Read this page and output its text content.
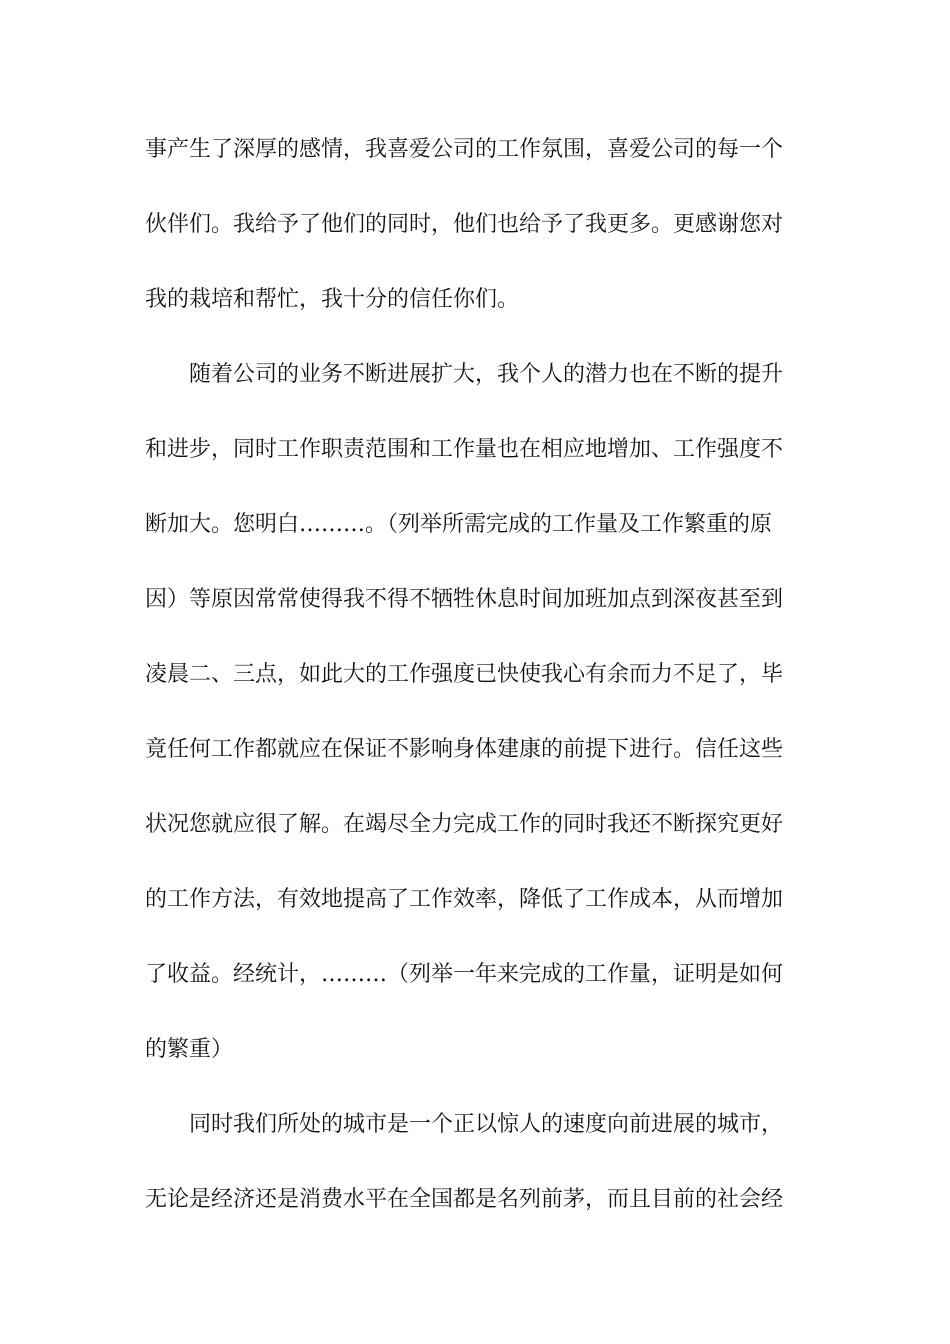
事产生了深厚的感情，我喜爱公司的工作氛围，喜爱公司的每一个
伙伴们。我给予了他们的同时，他们也给予了我更多。更感谢您对
我的栽培和帮忙，我十分的信任你们。
随着公司的业务不断进展扩大，我个人的潜力也在不断的提升
和进步，同时工作职责范围和工作量也在相应地增加、工作强度不
断加大。您明白………。（列举所需完成的工作量及工作繁重的原
因）等原因常常使得我不得不牺牲休息时间加班加点到深夜甚至到
凌晨二、三点，如此大的工作强度已快使我心有余而力不足了，毕
竟任何工作都就应在保证不影响身体建康的前提下进行。信任这些
状况您就应很了解。在竭尽全力完成工作的同时我还不断探究更好
的工作方法，有效地提高了工作效率，降低了工作成本，从而增加
了收益。经统计，………（列举一年来完成的工作量，证明是如何
的繁重）
同时我们所处的城市是一个正以惊人的速度向前进展的城市，
无论是经济还是消费水平在全国都是名列前茅，而且目前的社会经
